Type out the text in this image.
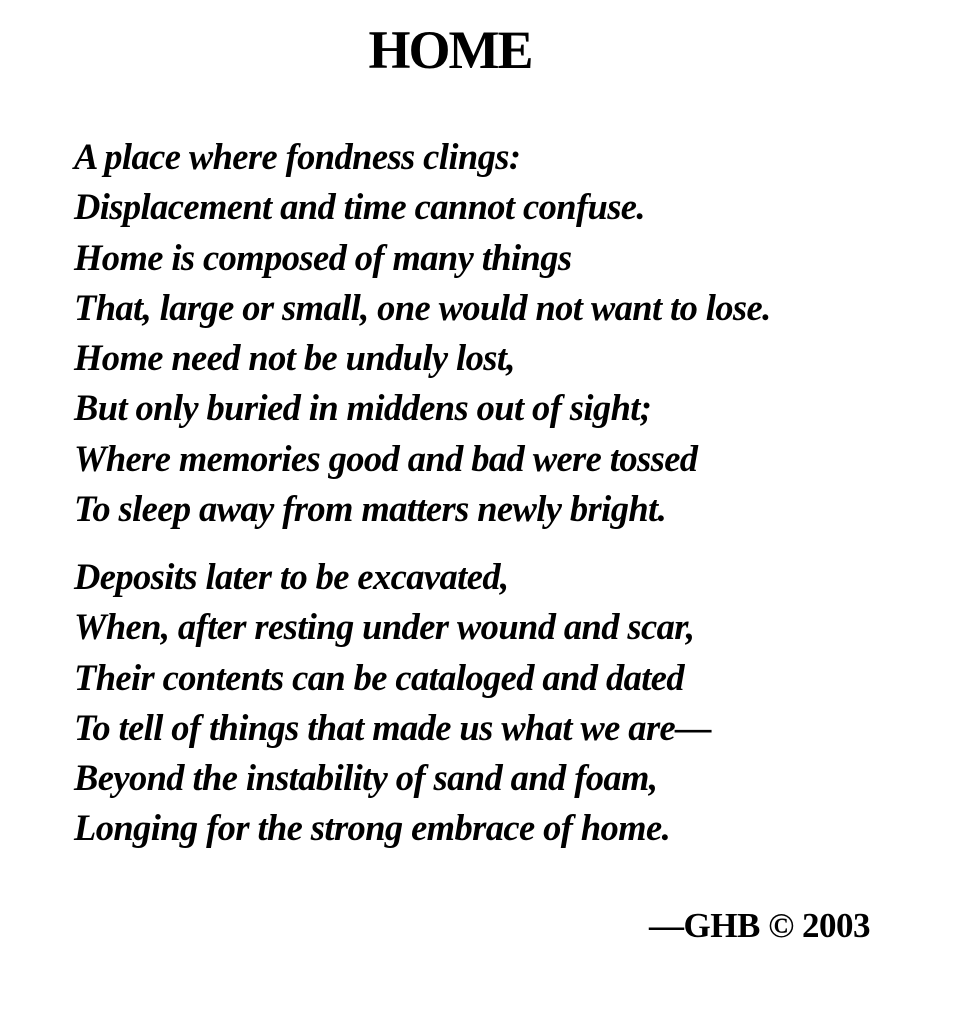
HOME
A place where fondness clings:
Displacement and time cannot confuse.
Home is composed of many things
That, large or small, one would not want to lose.
Home need not be unduly lost,
But only buried in middens out of sight;
Where memories good and bad were tossed
To sleep away from matters newly bright.
Deposits later to be excavated,
When, after resting under wound and scar,
Their contents can be cataloged and dated
To tell of things that made us what we are—
Beyond the instability of sand and foam,
Longing for the strong embrace of home.
—GHB © 2003
